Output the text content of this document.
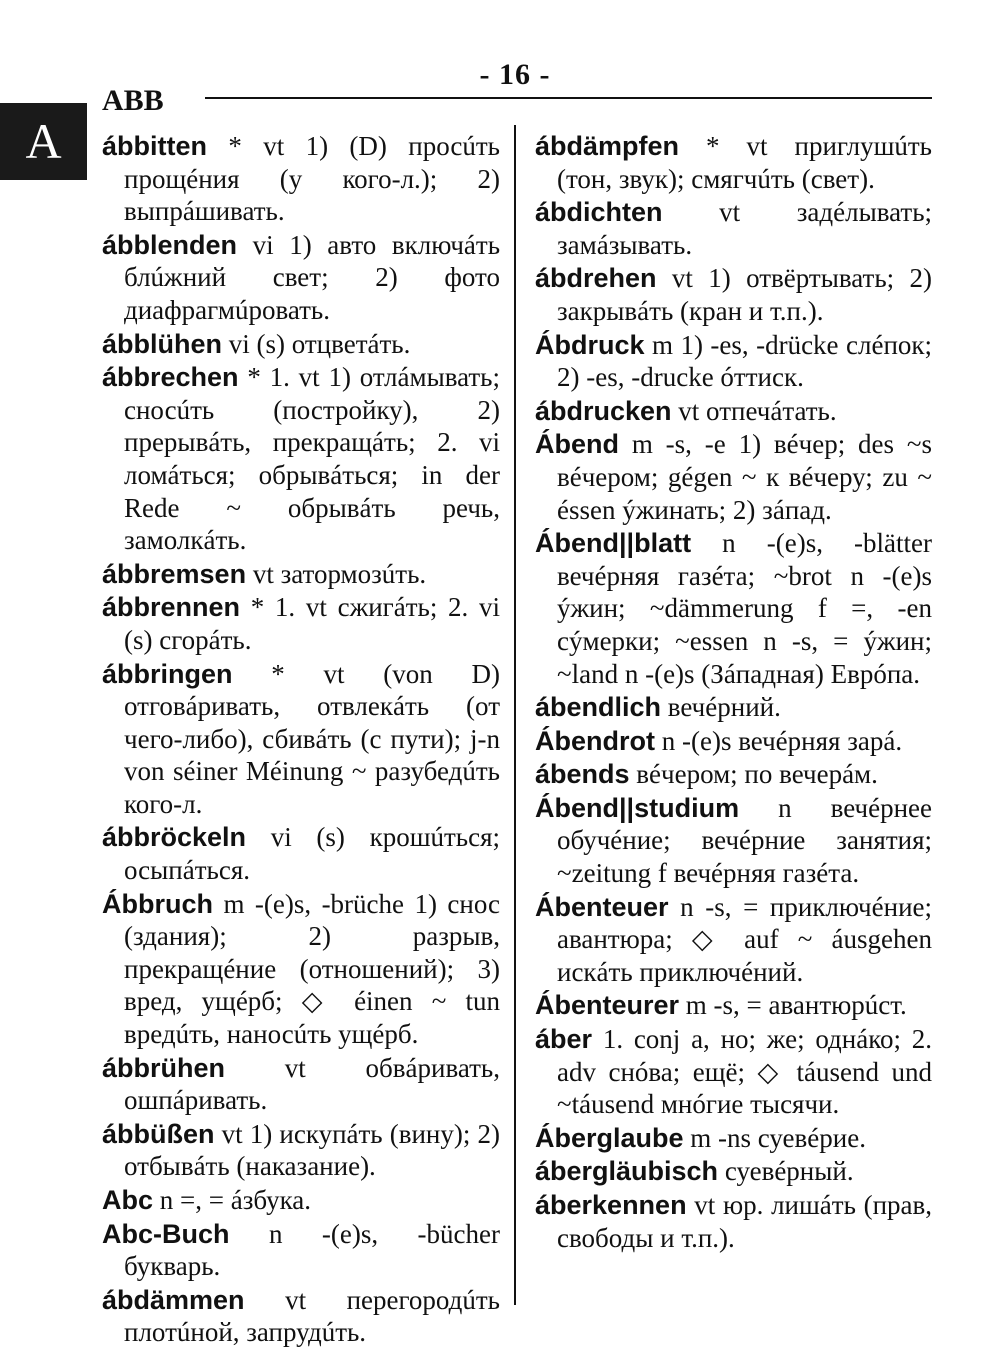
- 16 -
ABB
A	ábbitten * vt 1) (D) просúть прощéния (у кого-л.); 2) выпрáшивать.

ábblenden vi 1) авто включáть блúжний свет; 2) фото диафрагмúровать.

ábblühen vi (s) отцветáть.

ábbrechen * 1. vt 1) отлáмывать; сносúть (постройку), 2) прерывáть, прекращáть; 2. vi ломáться; обрывáться; in der Rede ~ обрывáть речь, замолкáть.

ábbremsen vt затормозúть.

ábbrennen * 1. vt сжигáть; 2. vi (s) сгорáть.

ábbringen * vt (von D) отговáривать, отвлекáть (от чего-либо), сбивáть (с пути); j-n von séiner Méinung ~ разубедúть кого-л.

ábbröckeln vi (s) крошúться; осыпáться.

Ábbruch m -(e)s, -brüche 1) снос (здания); 2) разрыв, прекращéние (отношений); 3) вред, ущéрб; ◇ éinen ~ tun вредúть, наносúть ущéрб.

ábbrühen vt обвáривать, ошпáривать.

ábbüßen vt 1) искупáть (вину); 2) отбывáть (наказание).

Abc n =, = áзбука.

Abc-Buch n -(e)s, -bücher букварь.

ábdämmen vt перегородúть плотúной, запрудúть.

ábdämpfen * vt приглушúть (тон, звук); смягчúть (свет).

ábdichten vt задéлывать; замáзывать.

ábdrehen vt 1) отвёртывать; 2) закрывáть (кран и т.п.).

Ábdruck m 1) -es, -drücke слéпок; 2) -es, -drucke óттиск.

ábdrucken vt отпечáтать.

Ábend m -s, -e 1) вéчер; des ~s вéчером; gégen ~ к вéчеру; zu ~ éssen ýжинать; 2) зáпад.

Ábend||blatt n -(e)s, -blätter вечéрняя газéта; ~brot n -(e)s ýжин; ~dämmerung f =, -en сýмерки; ~essen n -s, = ýжин; ~land n -(e)s (Зáпадная) Еврóпа.

ábendlich вечéрний.

Ábendrot n -(e)s вечéрняя зарá.

ábends вéчером; по вечерáм.

Ábend||studium n вечéрнее обучéние; вечéрние занятия; ~zeitung f вечéрняя газéта.

Ábenteuer n -s, = приключéние; авантюра; ◇ auf ~ áusgehen искáть приключéний.

Ábenteurer m -s, = авантюрúст.

áber 1. conj а, но; же; однáко; 2. adv снóва; ещё; ◇ táusend und ~táusend мнóгие тысячи.

Áberglaube m -ns суевéрие.

ábergläubisch суевéрный.

áberkennen vt юр. лишáть (прав, свободы и т.п.).
